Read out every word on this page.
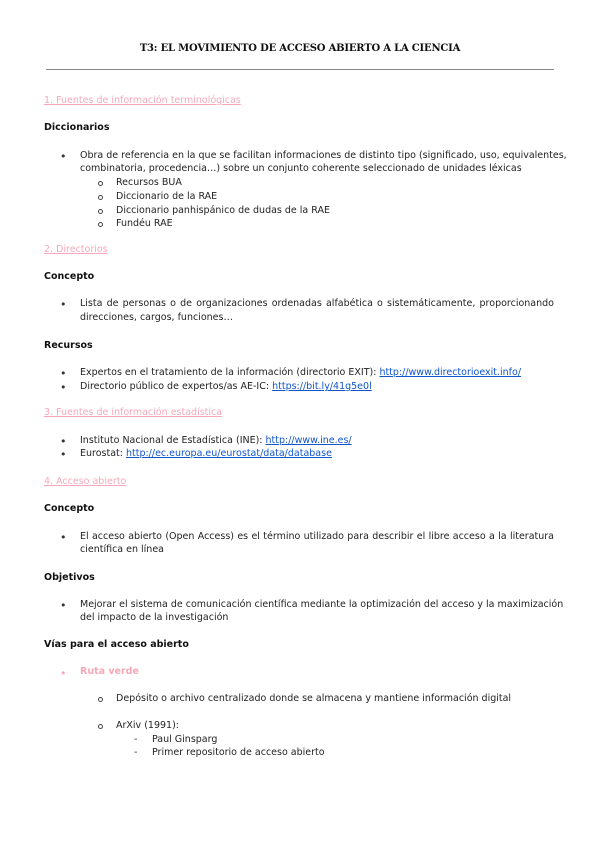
T3: EL MOVIMIENTO DE ACCESO ABIERTO A LA CIENCIA
1. Fuentes de información terminológicas
Diccionarios
• Obra de referencia en la que se facilitan informaciones de distinto tipo (significado, uso, equivalentes,
combinatoria, procedencia…) sobre un conjunto coherente seleccionado de unidades léxicas
Recursos BUA
Diccionario de la RAE
Diccionario panhispánico de dudas de la RAE
Fundéu RAE
2. Directorios
Concepto
• Lista de personas o de organizaciones ordenadas alfabética o sistemáticamente, proporcionando
direcciones, cargos, funciones…
Recursos
• Expertos en el tratamiento de la información (directorio EXIT): http://www.directorioexit.info/
• Directorio público de expertos/as AE-IC: https://bit.ly/41g5e0l
3. Fuentes de información estadística
• Instituto Nacional de Estadística (INE): http://www.ine.es/
• Eurostat: http://ec.europa.eu/eurostat/data/database
4. Acceso abierto
Concepto
• El acceso abierto (Open Access) es el término utilizado para describir el libre acceso a la literatura
científica en línea
Objetivos
• Mejorar el sistema de comunicación científica mediante la optimización del acceso y la maximización
del impacto de la investigación
Vías para el acceso abierto
• Ruta verde
Depósito o archivo centralizado donde se almacena y mantiene información digital
ArXiv (1991):
- Paul Ginsparg
- Primer repositorio de acceso abierto
